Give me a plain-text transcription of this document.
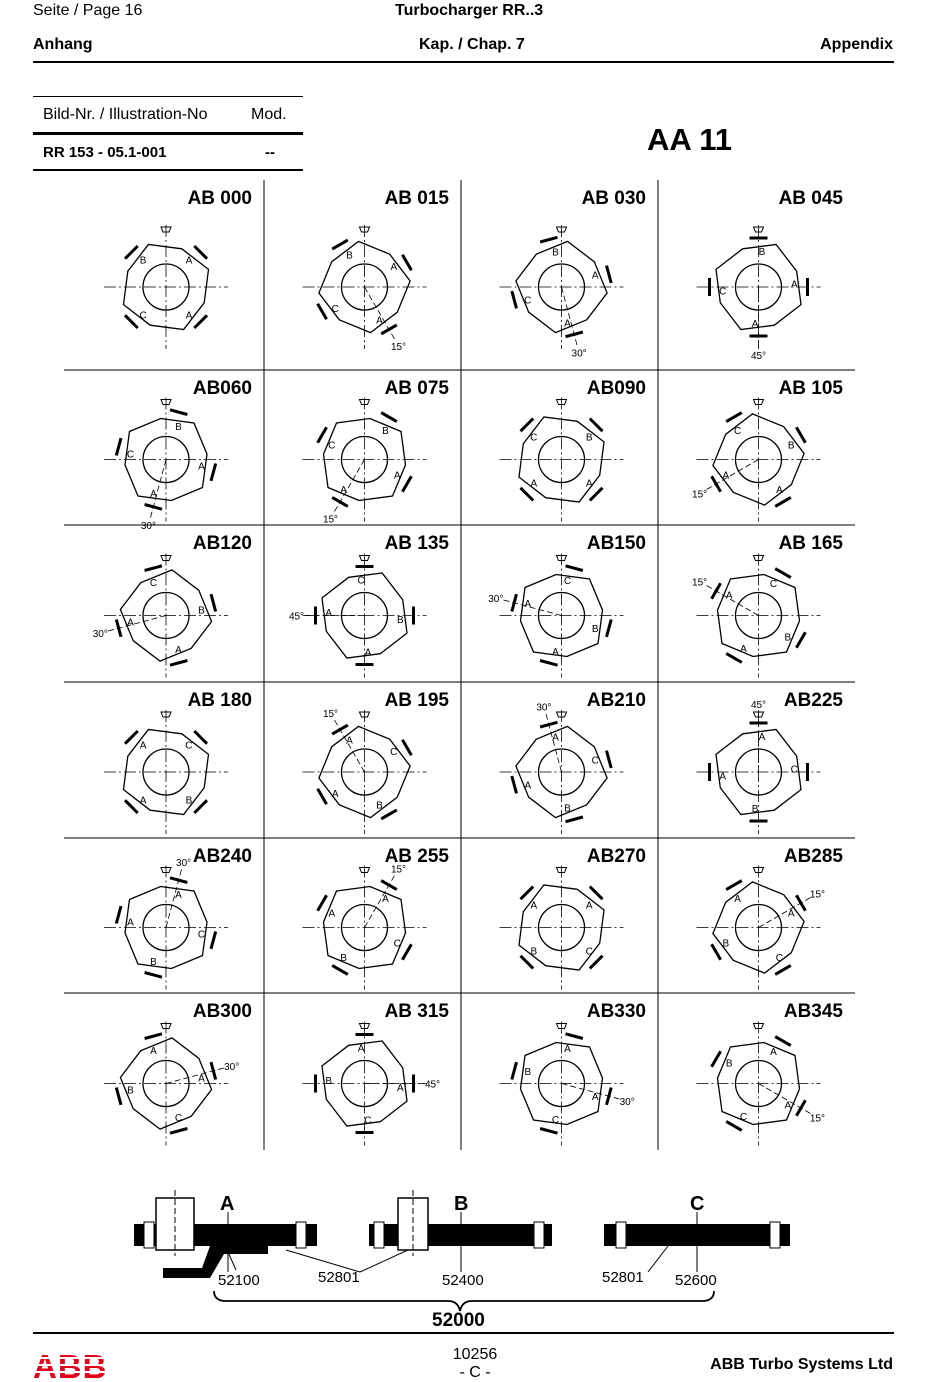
Seite / Page 16	Turbocharger RR..3
Anhang	Kap. / Chap. 7	Appendix
Bild-Nr. / Illustration-No	Mod.
RR 153 - 05.1-001	--	AA 11
AB 000
B	A
C	A
AB 015
B
A
C
A
15°
AB 030
B
A
C
A
30°
AB 045
B
A
C
A
45°
AB060
B
A
C
A
30°
AB 075
B
A
C
A
15°
AB090
B
A
C
A
AB 105
B
A
C
A
15°
AB120
B
A
C
A
30°
AB 135
B
A
C
A
45°
AB150
B
A
C
A
30°
AB 165
B
A
C
A
15°
AB 180
B
A
C
A
AB 195
B
A
C
A
15°
AB210
B
A
C
A
30°	AB225
B
A
C
A
45°
AB240
B
A
C
A
30°	AB 255
B
A
C
A
15°
AB270
B
A
C
A
AB285
B
A
C
A
15°
AB300
B
A
C
A
30°
AB 315
B
A
C
A 45°
AB330
B
A
C
A 30°
AB345
B
A
C
A
15°
A	B	C
52100	52801	52400	52801 52600
52000
ABB	10256
- C -	ABB Turbo Systems Ltd
